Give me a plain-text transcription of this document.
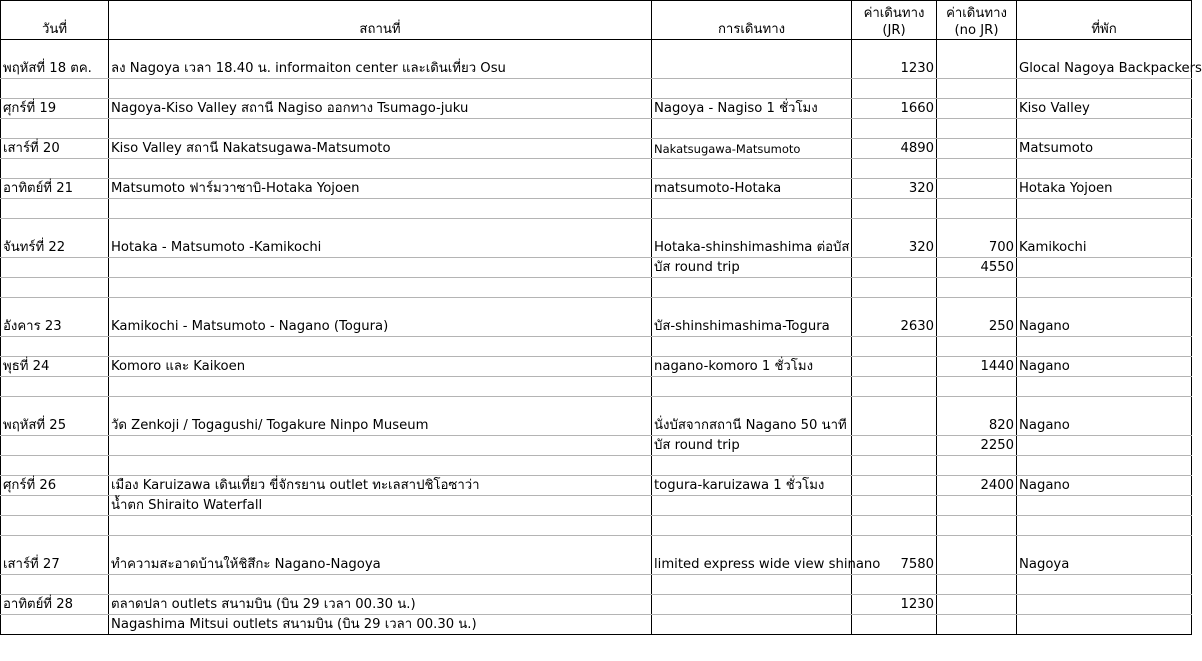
วันที่	สถานที่	การเดินทาง	ค่าเดินทาง (JR)	ค่าเดินทาง (no JR)	ที่พัก
พฤหัสที่ 18 ตค.	ลง Nagoya เวลา 18.40 น. informaiton center และเดินเที่ยว Osu		1230		Glocal Nagoya Backpackers

ศุกร์ที่ 19	Nagoya-Kiso Valley สถานี Nagiso ออกทาง Tsumago-juku	Nagoya - Nagiso 1 ชั่วโมง	1660		Kiso Valley

เสาร์ที่ 20	Kiso Valley สถานี Nakatsugawa-Matsumoto	Nakatsugawa-Matsumoto	4890		Matsumoto

อาทิตย์ที่ 21	Matsumoto ฟาร์มวาซาบิ-Hotaka Yojoen	matsumoto-Hotaka	320		Hotaka Yojoen

จันทร์ที่ 22	Hotaka - Matsumoto -Kamikochi	Hotaka-shinshimashima ต่อบัส	320	700	Kamikochi
		บัส round trip		4550	

อังคาร 23	Kamikochi - Matsumoto - Nagano (Togura)	บัส-shinshimashima-Togura	2630	250	Nagano

พุธที่ 24	Komoro และ Kaikoen	nagano-komoro 1 ชั่วโมง		1440	Nagano

พฤหัสที่ 25	วัด Zenkoji / Togagushi/ Togakure Ninpo Museum	นั่งบัสจากสถานี Nagano 50 นาที		820	Nagano
		บัส round trip		2250	

ศุกร์ที่ 26	เมือง Karuizawa เดินเที่ยว ขี่จักรยาน outlet ทะเลสาปชิโอซาว่า	togura-karuizawa 1 ชั่วโมง		2400	Nagano
	น้ำตก Shiraito Waterfall				

เสาร์ที่ 27	ทำความสะอาดบ้านให้ชิสึกะ Nagano-Nagoya	limited express wide view shinano	7580		Nagoya

อาทิตย์ที่ 28	ตลาดปลา outlets สนามบิน (บิน 29 เวลา 00.30 น.)		1230		
	Nagashima Mitsui outlets สนามบิน (บิน 29 เวลา 00.30 น.)				
